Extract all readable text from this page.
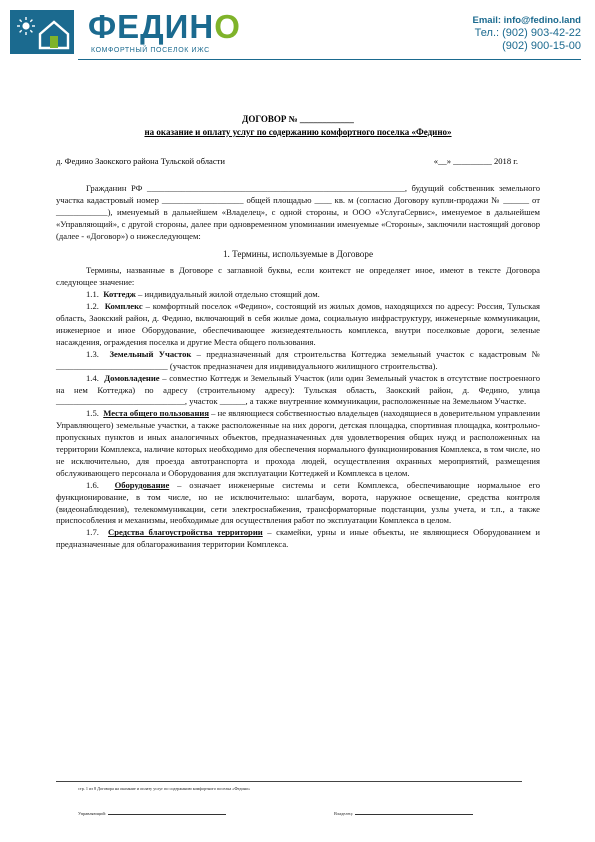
ФЕДИНО
КОМФОРТНЫЙ ПОСЕЛОК ИЖС
Email: info@fedino.land
Тел.: (902) 903-42-22
(902) 900-15-00
ДОГОВОР № ____________
на оказание и оплату услуг по содержанию комфортного поселка «Федино»
д. Федино Заокского района Тульской области	«__» _________ 2018 г.

Гражданин РФ ____________________________________________________________, будущий собственник земельного участка кадастровый номер ___________________ общей площадью ____ кв. м (согласно Договору купли-продажи № ______ от ____________), именуемый в дальнейшем «Владелец», с одной стороны, и ООО «УслугаСервис», именуемое в дальнейшем «Управляющий», с другой стороны, далее при одновременном упоминании именуемые «Стороны», заключили настоящий договор (далее - «Договор») о нижеследующем:

1. Термины, используемые в Договоре

Термины, названные в Договоре с заглавной буквы, если контекст не определяет иное, имеют в тексте Договора следующее значение:

1.1. Коттедж – индивидуальный жилой отдельно стоящий дом.

1.2. Комплекс – комфортный поселок «Федино», состоящий из жилых домов, находящихся по адресу: Россия, Тульская область, Заокский район, д. Федино, включающий в себя жилые дома, социальную инфраструктуру, инженерные коммуникации, инженерное и иное Оборудование, обеспечивающее жизнедеятельность комплекса, внутри поселковые дороги, зеленые насаждения, ограждения поселка и другие Места общего пользования.

1.3. Земельный Участок – предназначенный для строительства Коттеджа земельный участок с кадастровым № __________________________ (участок предназначен для индивидуального жилищного строительства).

1.4. Домовладение – совместно Коттедж и Земельный Участок (или один Земельный участок в отсутствие построенного на нем Коттеджа) по адресу (строительному адресу): Тульская область, Заокский район, д. Федино, улица ______________________________, участок ______, а также внутренние коммуникации, расположенные на Земельном Участке.

1.5. Места общего пользования – не являющиеся собственностью владельцев (находящиеся в доверительном управлении Управляющего) земельные участки, а также расположенные на них дороги, детская площадка, спортивная площадка, контрольно-пропускных пунктов и иных аналогичных объектов, предназначенных для удовлетворения общих нужд и расположенных на территории Комплекса, наличие которых необходимо для обеспечения нормального функционирования Комплекса, в том числе, но не исключительно, для проезда автотранспорта и прохода людей, осуществления охранных мероприятий, размещения обслуживающего персонала и Оборудования для эксплуатации Коттеджей и Комплекса в целом.

1.6. Оборудование – означает инженерные системы и сети Комплекса, обеспечивающие нормальное его функционирование, в том числе, но не исключительно: шлагбаум, ворота, наружное освещение, средства контроля (видеонаблюдения), телекоммуникации, сети электроснабжения, трансформаторные подстанции, узлы учета, и т.п., а также приспособления и механизмы, необходимые для осуществления работ по эксплуатации Комплекса в целом.

1.7. Средства благоустройства территории – скамейки, урны и иные объекты, не являющиеся Оборудованием и предназначенные для облагораживания территории Комплекса.

стр. 1 из 8 Договора на оказание и оплату услуг по содержанию комфортного поселка «Федино»
Управляющий:	Владелец:
